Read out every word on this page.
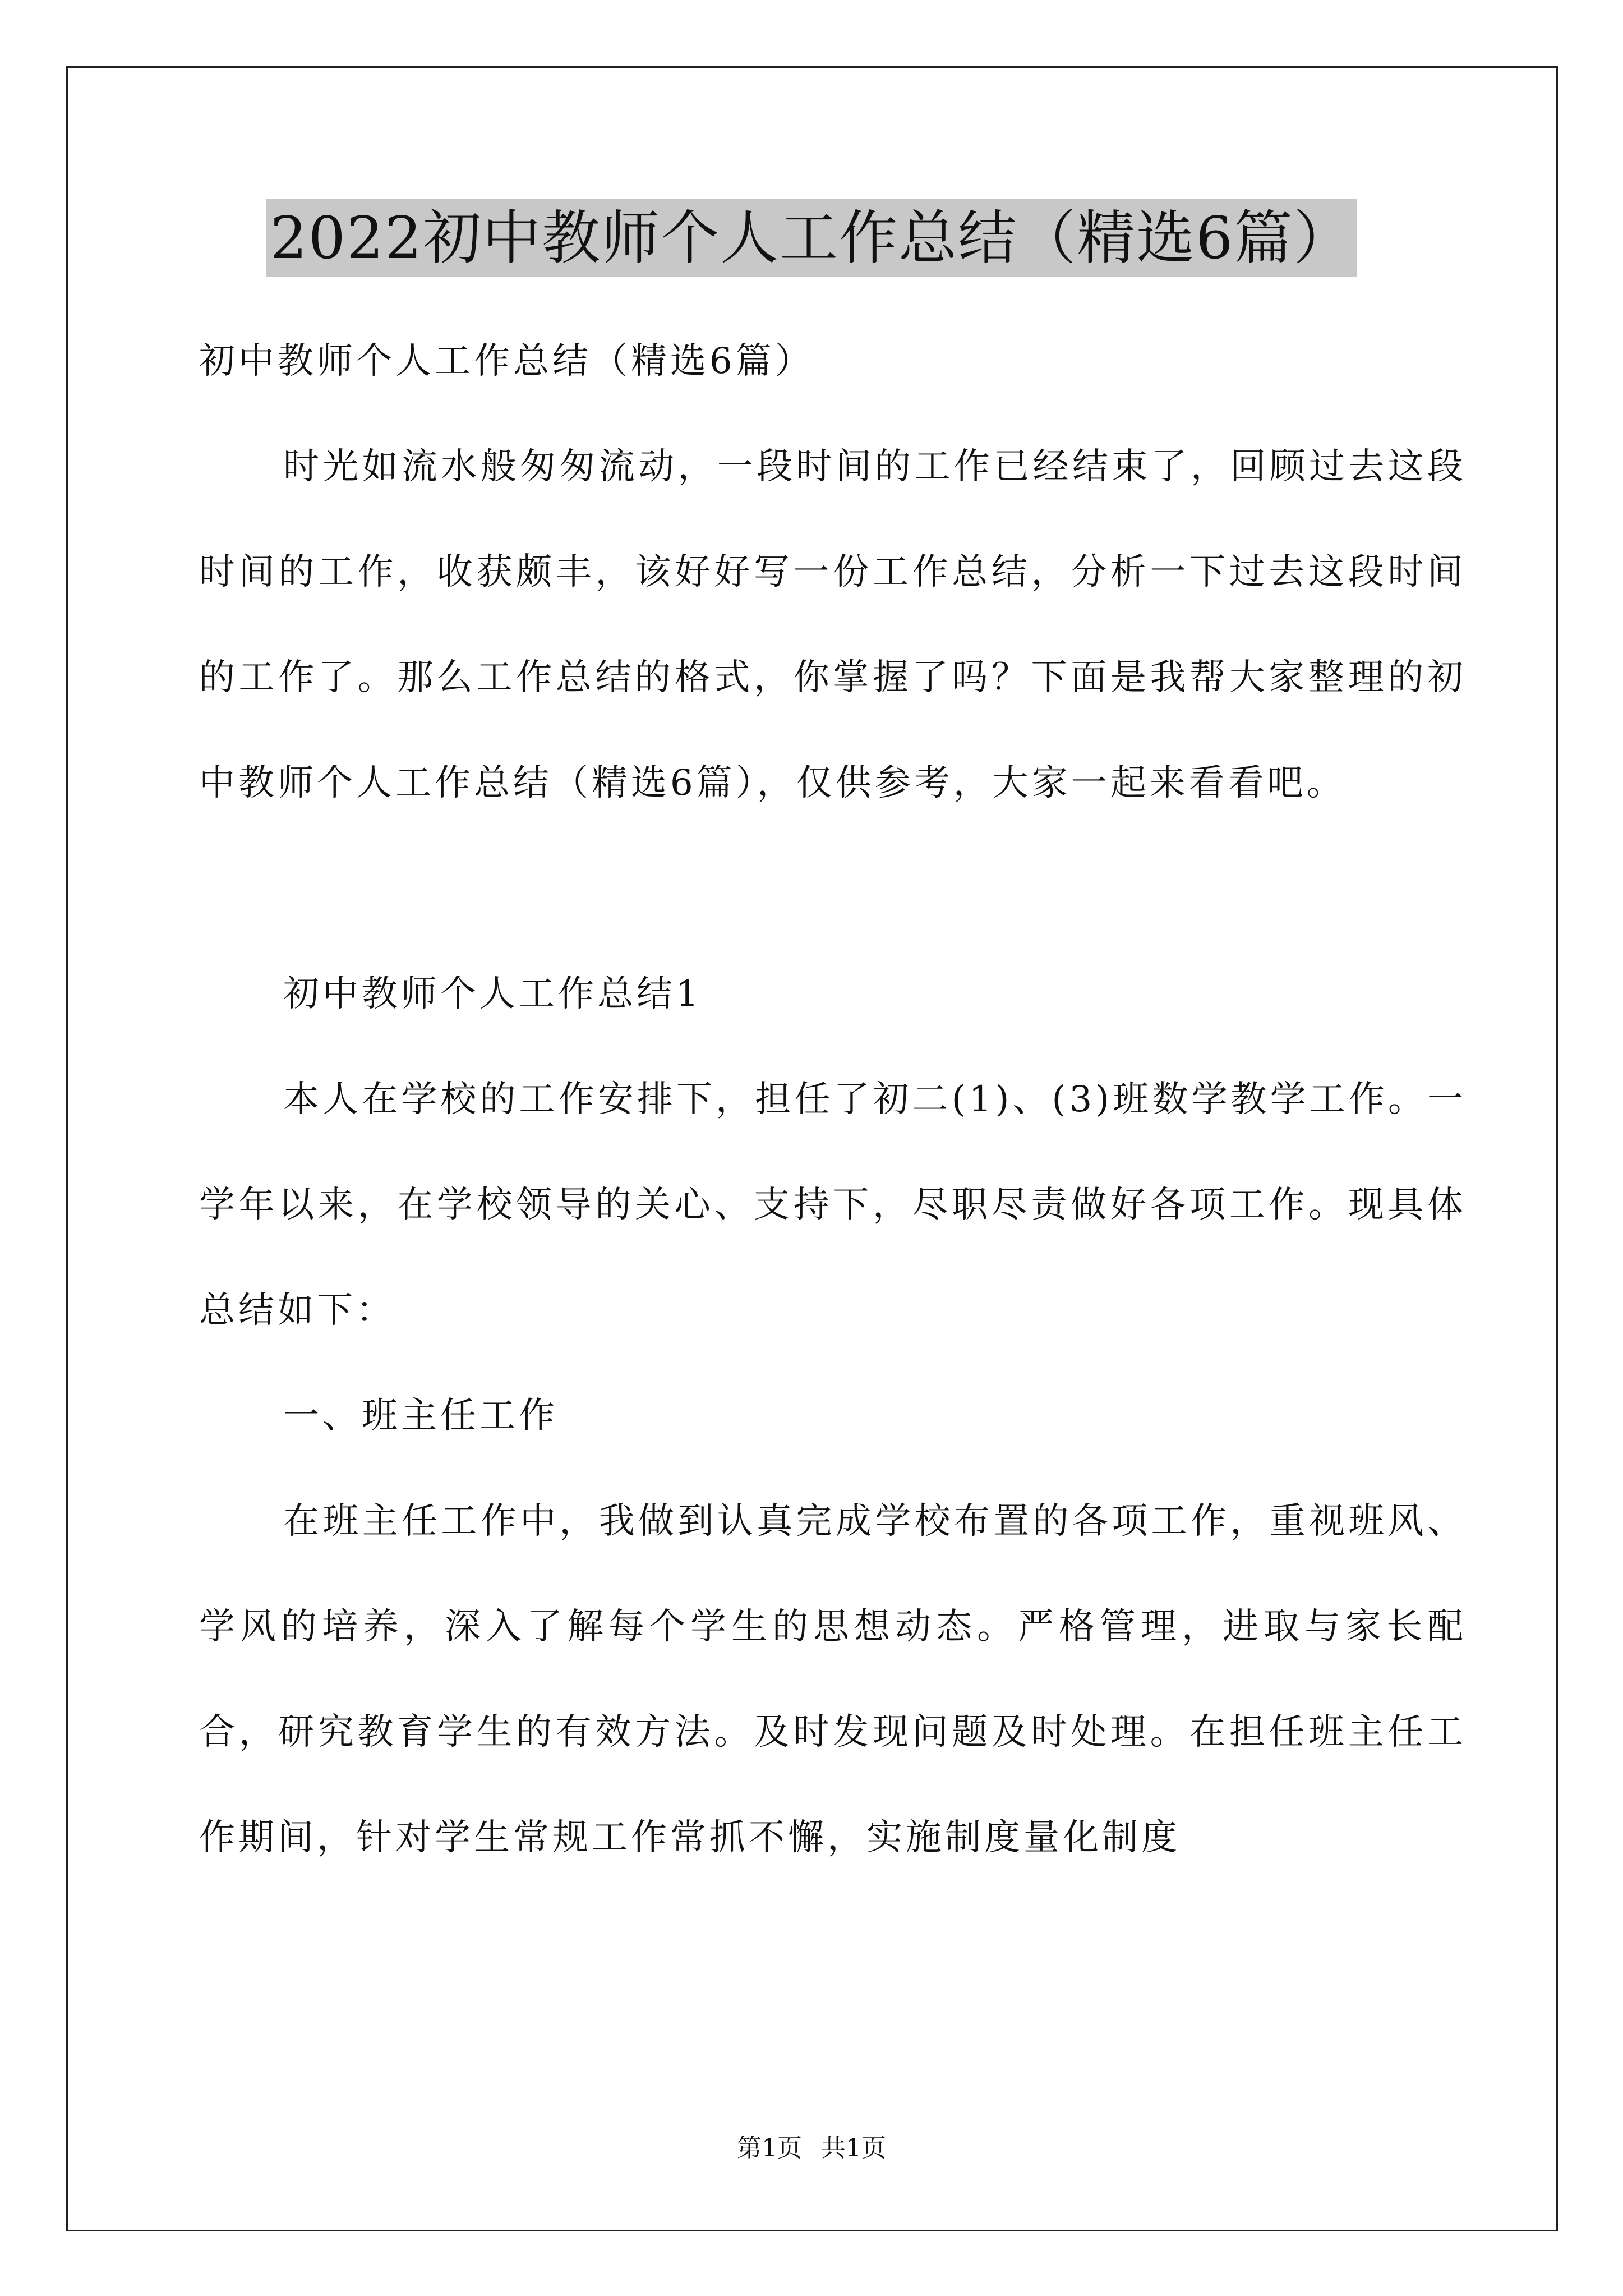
2022初中教师个人工作总结（精选6篇）

初中教师个人工作总结（精选6篇）

时光如流水般匆匆流动，一段时间的工作已经结束了，回顾过去这段时间的工作，收获颇丰，该好好写一份工作总结，分析一下过去这段时间的工作了。那么工作总结的格式，你掌握了吗？下面是我帮大家整理的初中教师个人工作总结（精选6篇），仅供参考，大家一起来看看吧。

初中教师个人工作总结1

本人在学校的工作安排下，担任了初二(1)、(3)班数学教学工作。一学年以来，在学校领导的关心、支持下，尽职尽责做好各项工作。现具体总结如下：

一、班主任工作

在班主任工作中，我做到认真完成学校布置的各项工作，重视班风、学风的培养，深入了解每个学生的思想动态。严格管理，进取与家长配合，研究教育学生的有效方法。及时发现问题及时处理。在担任班主任工作期间，针对学生常规工作常抓不懈，实施制度量化制度

第1页 共1页
